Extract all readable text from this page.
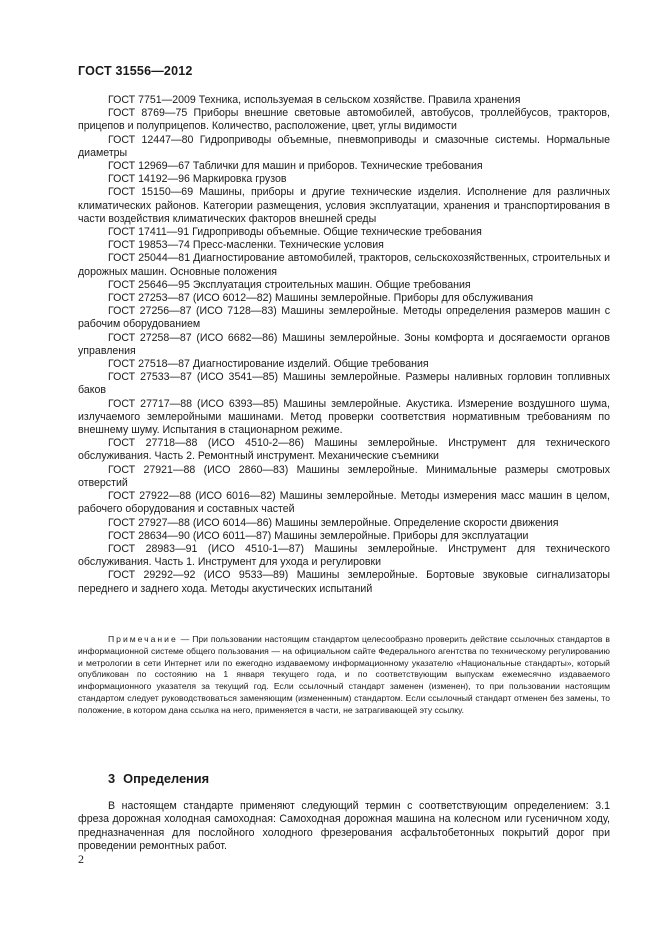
ГОСТ 31556—2012

ГОСТ 7751—2009 Техника, используемая в сельском хозяйстве. Правила хранения

ГОСТ 8769—75 Приборы внешние световые автомобилей, автобусов, троллейбусов, тракторов, прицепов и полуприцепов. Количество, расположение, цвет, углы видимости

ГОСТ 12447—80 Гидроприводы объемные, пневмоприводы и смазочные системы. Нормальные диаметры

ГОСТ 12969—67 Таблички для машин и приборов. Технические требования

ГОСТ 14192—96 Маркировка грузов

ГОСТ 15150—69 Машины, приборы и другие технические изделия. Исполнение для различных климатических районов. Категории размещения, условия эксплуатации, хранения и транспортирования в части воздействия климатических факторов внешней среды

ГОСТ 17411—91 Гидроприводы объемные. Общие технические требования

ГОСТ 19853—74 Пресс-масленки. Технические условия

ГОСТ 25044—81 Диагностирование автомобилей, тракторов, сельскохозяйственных, строительных и дорожных машин. Основные положения

ГОСТ 25646—95 Эксплуатация строительных машин. Общие требования

ГОСТ 27253—87 (ИСО 6012—82) Машины землеройные. Приборы для обслуживания

ГОСТ 27256—87 (ИСО 7128—83) Машины землеройные. Методы определения размеров машин с рабочим оборудованием

ГОСТ 27258—87 (ИСО 6682—86) Машины землеройные. Зоны комфорта и досягаемости органов управления

ГОСТ 27518—87 Диагностирование изделий. Общие требования

ГОСТ 27533—87 (ИСО 3541—85) Машины землеройные. Размеры наливных горловин топливных баков

ГОСТ 27717—88 (ИСО 6393—85) Машины землеройные. Акустика. Измерение воздушного шума, излучаемого землеройными машинами. Метод проверки соответствия нормативным требованиям по внешнему шуму. Испытания в стационарном режиме.

ГОСТ 27718—88 (ИСО 4510-2—86) Машины землеройные. Инструмент для технического обслуживания. Часть 2. Ремонтный инструмент. Механические съемники

ГОСТ 27921—88 (ИСО 2860—83) Машины землеройные. Минимальные размеры смотровых отверстий

ГОСТ 27922—88 (ИСО 6016—82) Машины землеройные. Методы измерения масс машин в целом, рабочего оборудования и составных частей

ГОСТ 27927—88 (ИСО 6014—86) Машины землеройные. Определение скорости движения

ГОСТ 28634—90 (ИСО 6011—87) Машины землеройные. Приборы для эксплуатации

ГОСТ 28983—91 (ИСО 4510-1—87) Машины землеройные. Инструмент для технического обслуживания. Часть 1. Инструмент для ухода и регулировки

ГОСТ 29292—92 (ИСО 9533—89) Машины землеройные. Бортовые звуковые сигнализаторы переднего и заднего хода. Методы акустических испытаний

Примечание — При пользовании настоящим стандартом целесообразно проверить действие ссылочных стандартов в информационной системе общего пользования — на официальном сайте Федерального агентства по техническому регулированию и метрологии в сети Интернет или по ежегодно издаваемому информационному указателю «Национальные стандарты», который опубликован по состоянию на 1 января текущего года, и по соответствующим выпускам ежемесячно издаваемого информационного указателя за текущий год. Если ссылочный стандарт заменен (изменен), то при пользовании настоящим стандартом следует руководствоваться заменяющим (измененным) стандартом. Если ссылочный стандарт отменен без замены, то положение, в котором дана ссылка на него, применяется в части, не затрагивающей эту ссылку.
3 Определения
В настоящем стандарте применяют следующий термин с соответствующим определением: 3.1 фреза дорожная холодная самоходная: Самоходная дорожная машина на колесном или гусеничном ходу, предназначенная для послойного холодного фрезерования асфальтобетонных покрытий дорог при проведении ремонтных работ.
2
